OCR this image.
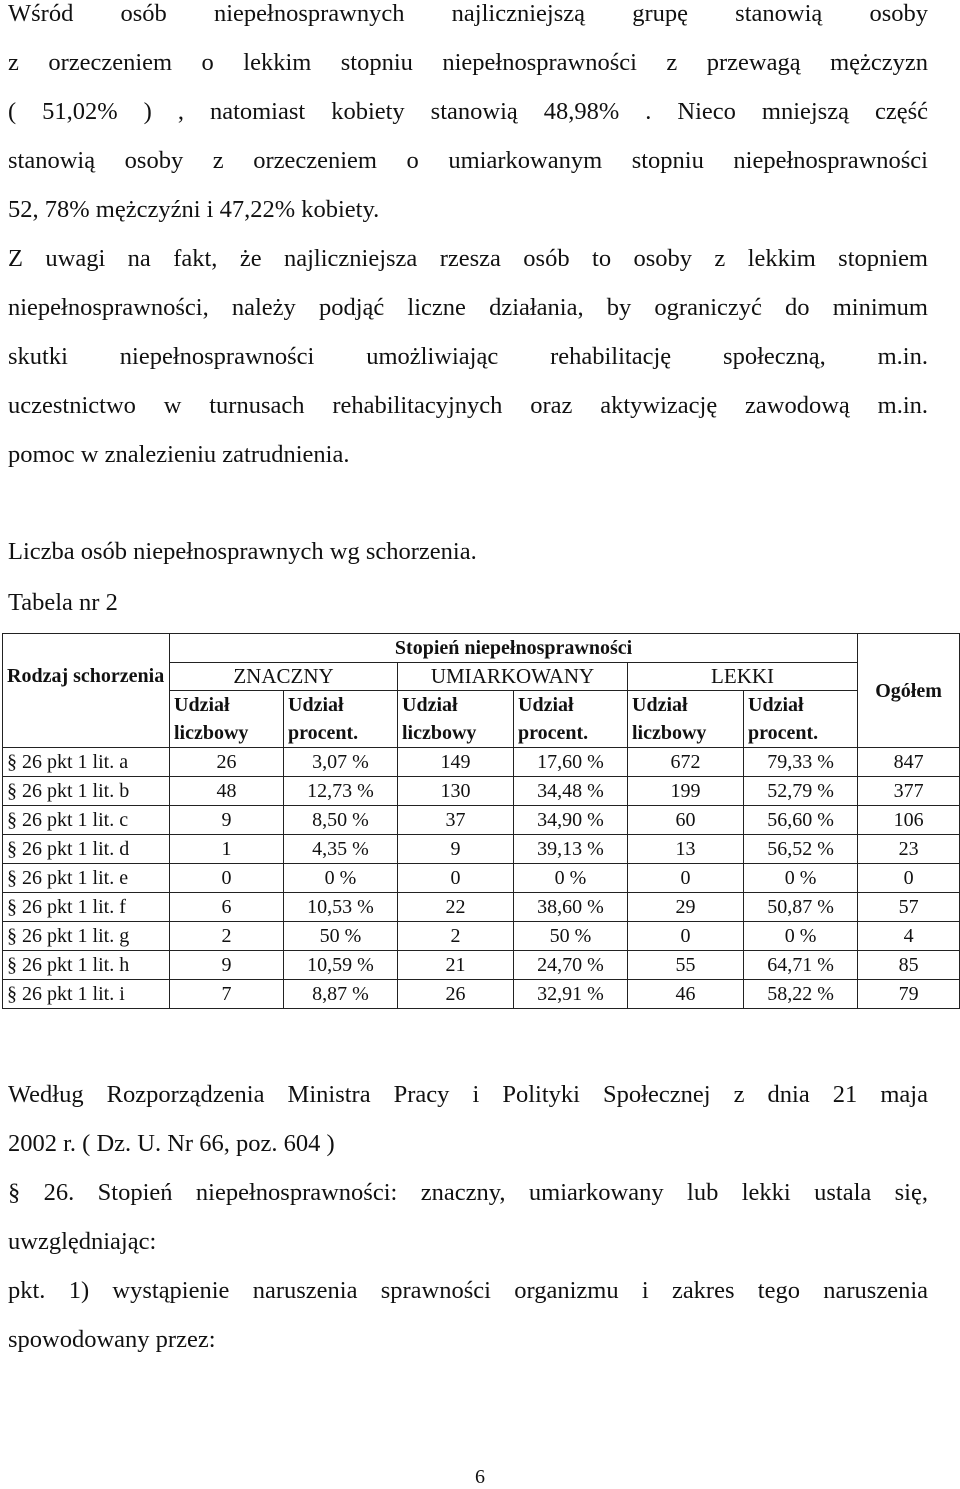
Wśród osób niepełnosprawnych najliczniejszą grupę stanowią osoby
z orzeczeniem o lekkim stopniu niepełnosprawności z przewagą mężczyzn
( 51,02% ) , natomiast kobiety stanowią 48,98% . Nieco mniejszą część
stanowią osoby z orzeczeniem o umiarkowanym stopniu niepełnosprawności
52, 78% mężczyźni i 47,22% kobiety.
Z uwagi na fakt, że najliczniejsza rzesza osób to osoby z lekkim stopniem
niepełnosprawności, należy podjąć liczne działania, by ograniczyć do minimum
skutki niepełnosprawności umożliwiając rehabilitację społeczną, m.in.
uczestnictwo w turnusach rehabilitacyjnych oraz aktywizację zawodową m.in.
pomoc w znalezieniu zatrudnienia.
Liczba osób niepełnosprawnych wg schorzenia.
Tabela nr 2
	Stopień niepełnosprawności						Ogółem
Rodzaj schorzenia	ZNACZNY		UMIARKOWANY		LEKKI		
	Udział liczbowy	Udział procent.	Udział liczbowy	Udział procent.	Udział liczbowy	Udział procent.	

§ 26 pkt 1 lit. a	26	3,07 %	149	17,60 %	672	79,33 %	847
§ 26 pkt 1 lit. b	48	12,73 %	130	34,48 %	199	52,79 %	377
§ 26 pkt 1 lit. c	9	8,50 %	37	34,90 %	60	56,60 %	106
§ 26 pkt 1 lit. d	1	4,35 %	9	39,13 %	13	56,52 %	23
§ 26 pkt 1 lit. e	0	0 %	0	0 %	0	0 %	0
§ 26 pkt 1 lit. f	6	10,53 %	22	38,60 %	29	50,87 %	57
§ 26 pkt 1 lit. g	2	50 %	2	50 %	0	0 %	4
§ 26 pkt 1 lit. h	9	10,59 %	21	24,70 %	55	64,71 %	85
§ 26 pkt 1 lit. i	7	8,87 %	26	32,91 %	46	58,22 %	79
Według Rozporządzenia Ministra Pracy i Polityki Społecznej z dnia 21 maja
2002 r. ( Dz. U. Nr 66, poz. 604 )
§ 26. Stopień niepełnosprawności: znaczny, umiarkowany lub lekki ustala się,
uwzględniając:
pkt. 1) wystąpienie naruszenia sprawności organizmu i zakres tego naruszenia
spowodowany przez:
6
